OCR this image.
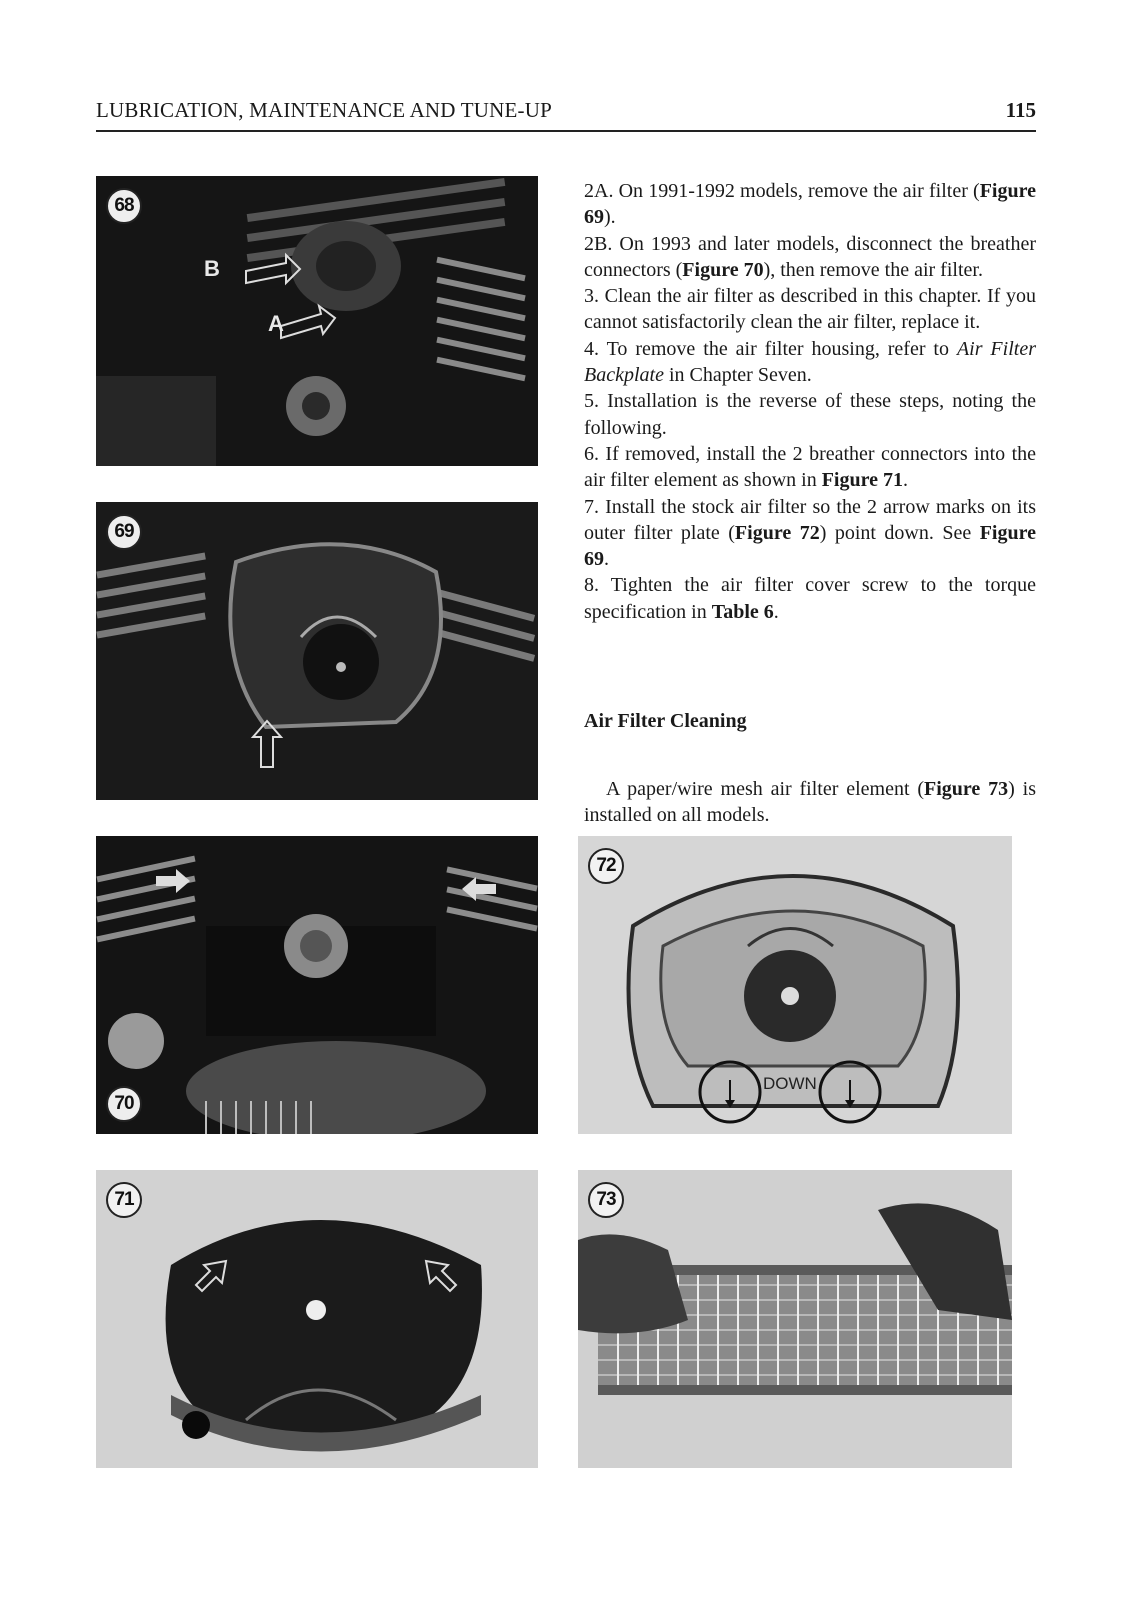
LUBRICATION, MAINTENANCE AND TUNE-UP	115
68
B
A
69
70
71
DOWN
72
73

2A. On 1991-1992 models, remove the air filter (Figure 69).

2B. On 1993 and later models, disconnect the breather connectors (Figure 70), then remove the air filter.

3. Clean the air filter as described in this chapter. If you cannot satisfactorily clean the air filter, replace it.

4. To remove the air filter housing, refer to Air Filter Backplate in Chapter Seven.

5. Installation is the reverse of these steps, noting the following.

6. If removed, install the 2 breather connectors into the air filter element as shown in Figure 71.

7. Install the stock air filter so the 2 arrow marks on its outer filter plate (Figure 72) point down. See Figure 69.

8. Tighten the air filter cover screw to the torque specification in Table 6.

Air Filter Cleaning

A paper/wire mesh air filter element (Figure 73) is installed on all models.
